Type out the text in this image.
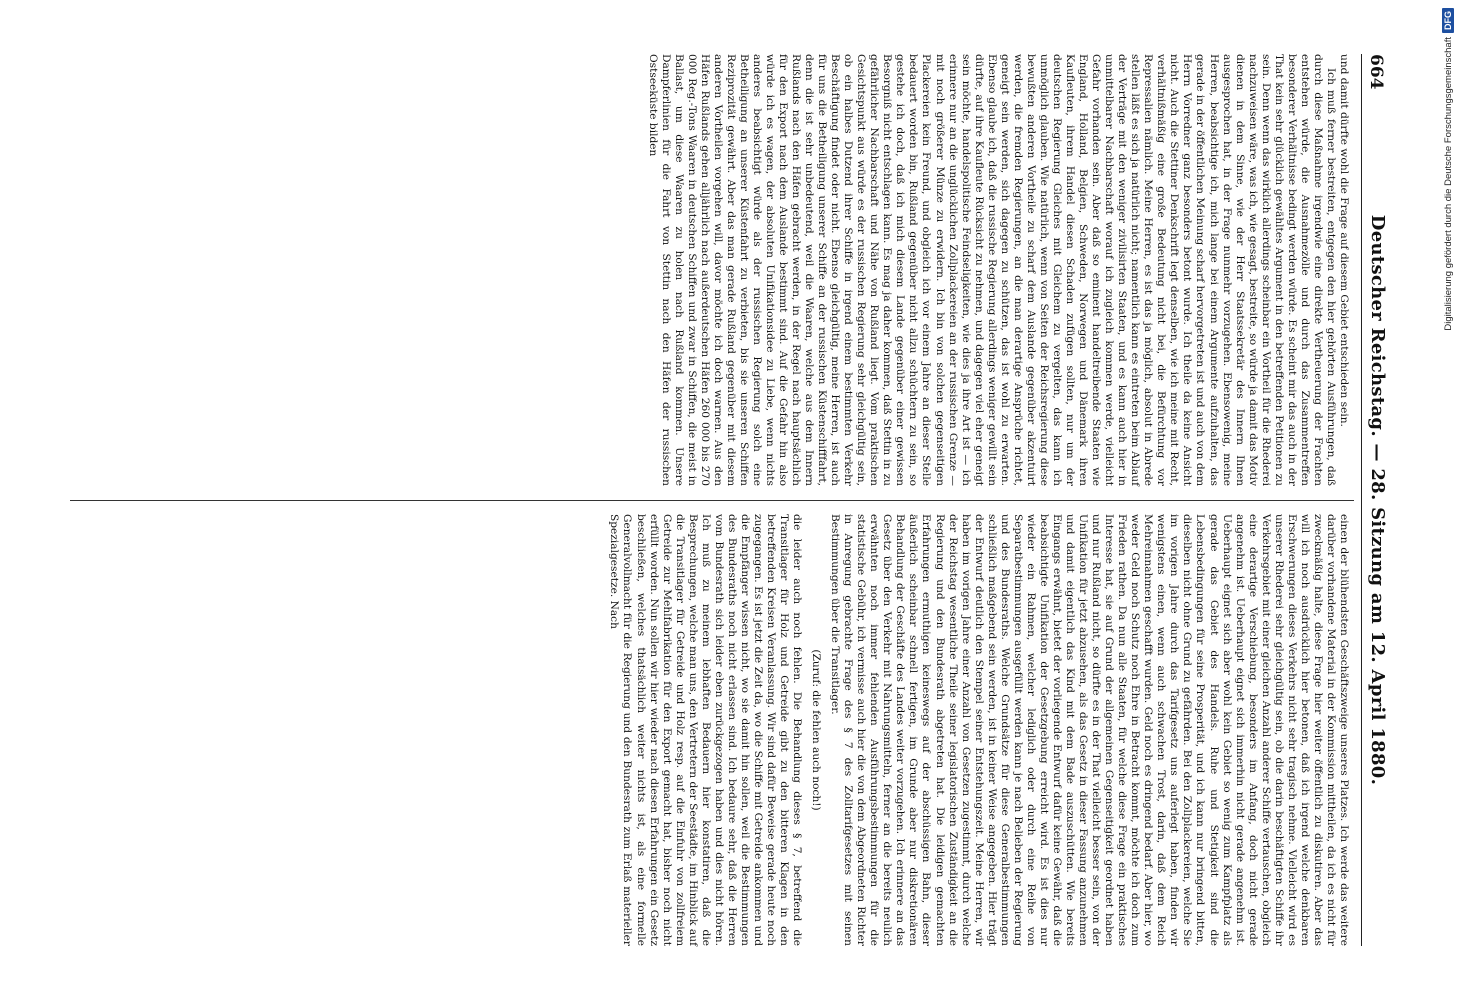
664
Deutscher Reichstag. — 28. Sitzung am 12. April 1880.

und damit dürfte wohl die Frage auf diesem Gebiet entschieden sein.

Ich muß ferner bestreiten, entgegen den hier gehörten Ausführungen, daß durch diese Maßnahme irgendwie eine direkte Vertheuerung der Frachten entstehen würde, die Ausnahmezölle und durch das Zusammentreffen besonderer Verhältnisse bedingt werden würde. Es scheint mir das auch in der That kein sehr glücklich gewähltes Argument in den betreffenden Petitionen zu sein. Denn wenn das wirklich allerdings scheinbar ein Vortheil für die Rhederei nachzuweisen wäre, was ich, wie gesagt, bestreite, so würde ja damit das Motiv dienen in dem Sinne, wie der Herr Staatssekretär des Innern Ihnen ausgesprochen hat, in der Frage nunmehr vorzugehen. Ebensowenig, meine Herren, beabsichtige ich, mich lange bei einem Argumente aufzuhalten, das gerade in der öffentlichen Meinung scharf hervorgetreten ist und auch von dem Herrn Vorredner ganz besonders betont wurde. Ich theile da keine Ansicht nicht. Auch die Stettiner Denkschrift legt denselben, wie ich meine mit Recht, verhältnißmäßig eine große Bedeutung nicht bei, die Befürchtung vor Repressalien nämlich. Meine Herren, es ist das ja möglich, absolut in Abrede stellen läßt es sich ja natürlich nicht; namentlich kann es eintreten beim Ablauf der Verträge mit den weniger zivilisirten Staaten, und es kann auch hier in unmittelbarer Nachbarschaft worauf ich zugleich kommen werde, vielleicht Gefahr vorhanden sein. Aber daß so eminent handeltreibende Staaten wie England, Holland, Belgien, Schweden, Norwegen und Dänemark ihren Kaufleuten, ihrem Handel diesen Schaden zufügen sollten, nur um der deutschen Regierung Gleiches mit Gleichem zu vergelten, das kann ich unmöglich glauben. Wie natürlich, wenn von Seiten der Reichsregierung diese bewußten anderen Vortheile zu scharf dem Auslande gegenüber akzentuirt werden, die fremden Regierungen, an die man derartige Ansprüche richtet, geneigt sein werden, sich dagegen zu schützen, das ist wohl zu erwarten. Ebenso glaube ich, daß die russische Regierung allerdings weniger gewillt sein dürfte, auf ihre Kaufleute Rücksicht zu nehmen, und dagegen viel eher geneigt sein möchte, handelspolitische Feindseligkeiten, wie dies ja ihre Art ist — ich erinnere nur an die unglücklichen Zollplackereien an der russischen Grenze — mit noch größerer Münze zu erwidern. Ich bin von solchen gegenseitigen Plackereien kein Freund, und obgleich ich vor einem Jahre an dieser Stelle bedauert worden bin, Rußland gegenüber nicht allzu schüchtern zu sein, so gestehe ich doch, daß ich mich diesem Lande gegenüber einer gewissen Besorgniß nicht entschlagen kann. Es mag ja daher kommen, daß Stettin in zu gefährlicher Nachbarschaft und Nähe von Rußland liegt. Vom praktischen Gesichtspunkt aus würde es der russischen Regierung sehr gleichgültig sein, ob ein halbes Dutzend ihrer Schiffe in irgend einem bestimmten Verkehr Beschäftigung findet oder nicht. Ebenso gleichgültig, meine Herren, ist auch für uns die Betheiligung unserer Schiffe an der russischen Küstenschifffahrt, denn die ist sehr unbedeutend, weil die Waaren, welche aus dem Innern Rußlands nach den Häfen gebracht werden, in der Regel nach hauptsächlich für den Export nach dem Auslande bestimmt sind. Auf die Gefahr hin also würde ich es wagen, der absoluten Unifikationsidee zu Liebe, wenn nichts anderes beabsichtigt würde als der russischen Regierung solch eine Betheiligung an unserer Küstenfahrt zu verbieten, bis sie unseren Schiffen Reziprozität gewährt. Aber das man gerade Rußland gegenüber mit diesem anderen Vortheilen vorgehen will, davor möchte ich doch warnen. Aus den Häfen Rußlands gehen alljährlich nach außerdeutschen Häfen 260 000 bis 270 000 Reg.-Tons Waaren in deutschen Schiffen und zwar in Schiffen, die meist in Ballast, um diese Waaren zu holen nach Rußland kommen. Unsere Dampferlinien für die Fahrt von Stettin nach den Häfen der russischen Ostseeküste bilden

einen der blühendsten Geschäftszweige unseres Platzes. Ich werde das weitere darüber vorhandene Material in der Kommission mittheilen, da ich es nicht für zweckmäßig halte, diese Frage hier weiter öffentlich zu diskutiren. Aber das will ich noch ausdrücklich hier betonen, daß ich irgend welche denkbaren Erschwerungen dieses Verkehrs nicht sehr tragisch nehme. Vielleicht wird es unserer Rhederei sehr gleichgültig sein, ob die darin beschäftigten Schiffe ihr Verkehrsgebiet mit einer gleichen Anzahl anderer Schiffe vertauschen, obgleich eine derartige Verschiebung, besonders im Anfang, doch nicht gerade angenehm ist. Ueberhaupt eignet sich immerhin nicht gerade angenehm ist. Ueberhaupt eignet sich aber wohl kein Gebiet so wenig zum Kampfplatz als gerade das Gebiet des Handels. Ruhe und Stetigkeit sind die Lebensbedingungen für seine Prosperität, und ich kann nur bringend bitten, dieselben nicht ohne Grund zu gefährden. Bei den Zollplackereien, welche Sie im vorigen Jahre durch das Tarifgesetz uns auferlegt haben, finden wir wenigstens einen, wenn auch schwachen Trost, darin, daß dem Reich Mehreinnahmen geschafft wurden. Geld noch es dringend bedarf. Aber hier, wo weder Geld noch Schutz noch Ehre in Betracht kommt, möchte ich doch zum Frieden rathen. Da nun alle Staaten, für welche diese Frage ein praktisches Interesse hat, sie auf Grund der allgemeinen Gegenseitigkeit geordnet haben und nur Rußland nicht, so dürfte es in der That vielleicht besser sein, von der Unifikation für jetzt abzusehen, als das Gesetz in dieser Fassung anzunehmen und damit eigentlich das Kind mit dem Bade auszuschütten. Wie bereits Eingangs erwähnt, bietet der vorliegende Entwurf dafür keine Gewähr, daß die beabsichtigte Unifikation der Gesetzgebung erreicht wird. Es ist dies nur wieder ein Rahmen, welcher lediglich oder durch eine Reihe von Separatbestimmungen ausgefüllt werden kann je nach Belieben der Regierung und des Bundesraths. Welche Grundsätze für diese Generalbestimmungen schließlich maßgebend sein werden, ist in keiner Weise angegeben. Hier trägt der Entwurf deutlich den Stempel seiner Entstehungszeit. Meine Herren, wir haben im vorigen Jahre einer Anzahl von Gesetzen zugestimmt, durch welche der Reichstag wesentliche Theile seiner legislatorischen Zuständigkeit an die Regierung und den Bundesrath abgetreten hat. Die leidigen gemachten Erfahrungen ermuthigen keineswegs auf der abschüssigen Bahn, dieser äußerlich scheinbar schnell fertigen, im Grunde aber nur diskretionären Behandlung der Geschäfte des Landes weiter vorzugehen. Ich erinnere an das Gesetz über den Verkehr mit Nahrungsmitteln, ferner an die bereits neulich erwähnten noch immer fehlenden Ausführungsbestimmungen für die statistische Gebühr, ich vermisse auch hier die von dem Abgeordneten Richter in Anregung gebrachte Frage des § 7 des Zolltarifgesetzes mit seinen Bestimmungen über die Transitlager.

(Zuruf: die fehlen auch noch!)

die leider auch noch fehlen. Die Behandlung dieses § 7, betreffend die Transitlager für Holz und Getreide gibt zu den bitteren Klagen in den betreffenden Kreisen Veranlassung. Wir sind dafür Beweise gerade heute noch zugegangen. Es ist jetzt die Zeit da, wo die Schiffe mit Getreide ankommen und die Empfänger wissen nicht, wo sie damit hin sollen, weil die Bestimmungen des Bundesraths noch nicht erlassen sind. Ich bedaure sehr, daß die Herren vom Bundesrath sich leider eben zurückgezogen haben und dies nicht hören. Ich muß zu meinem lebhaften Bedauern hier konstatiren, daß die Besprechungen, welche man uns, den Vertretern der Seestädte, im Hinblick auf die Transitlager für Getreide und Holz resp. auf die Einfuhr von zollfreiem Getreide zur Mehlfabrikation für den Export gemacht hat, bisher noch nicht erfüllt worden. Nun sollen wir hier wieder nach diesen Erfahrungen ein Gesetz beschließen, welches thatsächlich weiter nichts ist, als eine formelle Generalvollmacht für die Regierung und den Bundesrath zum Erlaß materieller Spezialgesetze. Nach

Digitalisierung gefördert durch die Deutsche Forschungsgemeinschaft
DFG
